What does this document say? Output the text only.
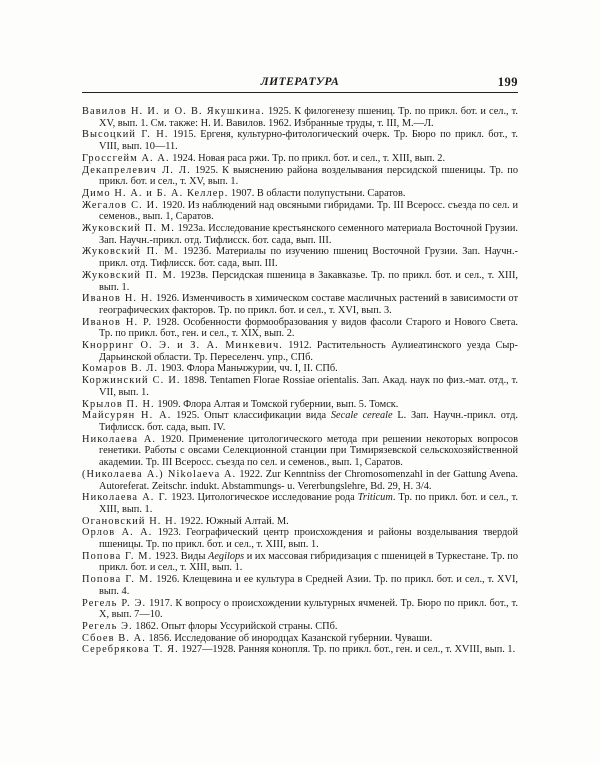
ЛИТЕРАТУРА	199
Вавилов Н. И. и О. В. Якушкина. 1925. К филогенезу пшениц. Тр. по прикл. бот. и сел., т. XV, вып. 1. См. также: Н. И. Вавилов. 1962. Избранные труды, т. III, М.—Л.
Высоцкий Г. Н. 1915. Ергеня, культурно-фитологический очерк. Тр. Бюро по прикл. бот., т. VIII, вып. 10—11.
Гроссгейм А. А. 1924. Новая раса ржи. Тр. по прикл. бот. и сел., т. XIII, вып. 2.
Декапрелевич Л. Л. 1925. К выяснению района возделывания персидской пшеницы. Тр. по прикл. бот. и сел., т. XV, вып. 1.
Димо Н. А. и Б. А. Келлер. 1907. В области полупустыни. Саратов.
Жегалов С. И. 1920. Из наблюдений над овсяными гибридами. Тр. III Всеросс. съезда по сел. и семенов., вып. 1, Саратов.
Жуковский П. М. 1923а. Исследование крестьянского семенного материала Восточной Грузии. Зап. Научн.-прикл. отд. Тифлисск. бот. сада, вып. III.
Жуковский П. М. 1923б. Материалы по изучению пшениц Восточной Грузии. Зап. Научн.-прикл. отд. Тифлисск. бот. сада, вып. III.
Жуковский П. М. 1923в. Персидская пшеница в Закавказье. Тр. по прикл. бот. и сел., т. XIII, вып. 1.
Иванов Н. Н. 1926. Изменчивость в химическом составе масличных растений в зависимости от географических факторов. Тр. по прикл. бот. и сел., т. XVI, вып. 3.
Иванов Н. Р. 1928. Особенности формообразования у видов фасоли Старого и Нового Света. Тр. по прикл. бот., ген. и сел., т. XIX, вып. 2.
Кнорринг О. Э. и З. А. Минкевич. 1912. Растительность Аулиеатинского уезда Сыр-Дарьинской области. Тр. Переселенч. упр., СПб.
Комаров В. Л. 1903. Флора Маньчжурии, чч. I, II. СПб.
Коржинский С. И. 1898. Tentamen Florae Rossiae orientalis. Зап. Акад. наук по физ.-мат. отд., т. VII, вып. 1.
Крылов П. Н. 1909. Флора Алтая и Томской губернии, вып. 5. Томск.
Майсурян Н. А. 1925. Опыт классификации вида Secale cereale L. Зап. Научн.-прикл. отд. Тифлисск. бот. сада, вып. IV.
Николаева А. 1920. Применение цитологического метода при решении некоторых вопросов генетики. Работы с овсами Селекционной станции при Тимирязевской сельскохозяйственной академии. Тр. III Всеросс. съезда по сел. и семенов., вып. 1, Саратов.
(Николаева А.) Nikolaeva A. 1922. Zur Kenntniss der Chromosomenzahl in der Gattung Avena. Autoreferat. Zeitschr. indukt. Abstammungs- u. Vererbungslehre, Bd. 29, H. 3/4.
Николаева А. Г. 1923. Цитологическое исследование рода Triticum. Тр. по прикл. бот. и сел., т. XIII, вып. 1.
Огановский Н. Н. 1922. Южный Алтай. М.
Орлов А. А. 1923. Географический центр происхождения и районы возделывания твердой пшеницы. Тр. по прикл. бот. и сел., т. XIII, вып. 1.
Попова Г. М. 1923. Виды Aegilops и их массовая гибридизация с пшеницей в Туркестане. Тр. по прикл. бот. и сел., т. XIII, вып. 1.
Попова Г. М. 1926. Клещевина и ее культура в Средней Азии. Тр. по прикл. бот. и сел., т. XVI, вып. 4.
Регель Р. Э. 1917. К вопросу о происхождении культурных ячменей. Тр. Бюро по прикл. бот., т. X, вып. 7—10.
Регель Э. 1862. Опыт флоры Уссурийской страны. СПб.
Сбоев В. А. 1856. Исследование об инородцах Казанской губернии. Чуваши.
Серебрякова Т. Я. 1927—1928. Ранняя конопля. Тр. по прикл. бот., ген. и сел., т. XVIII, вып. 1.
